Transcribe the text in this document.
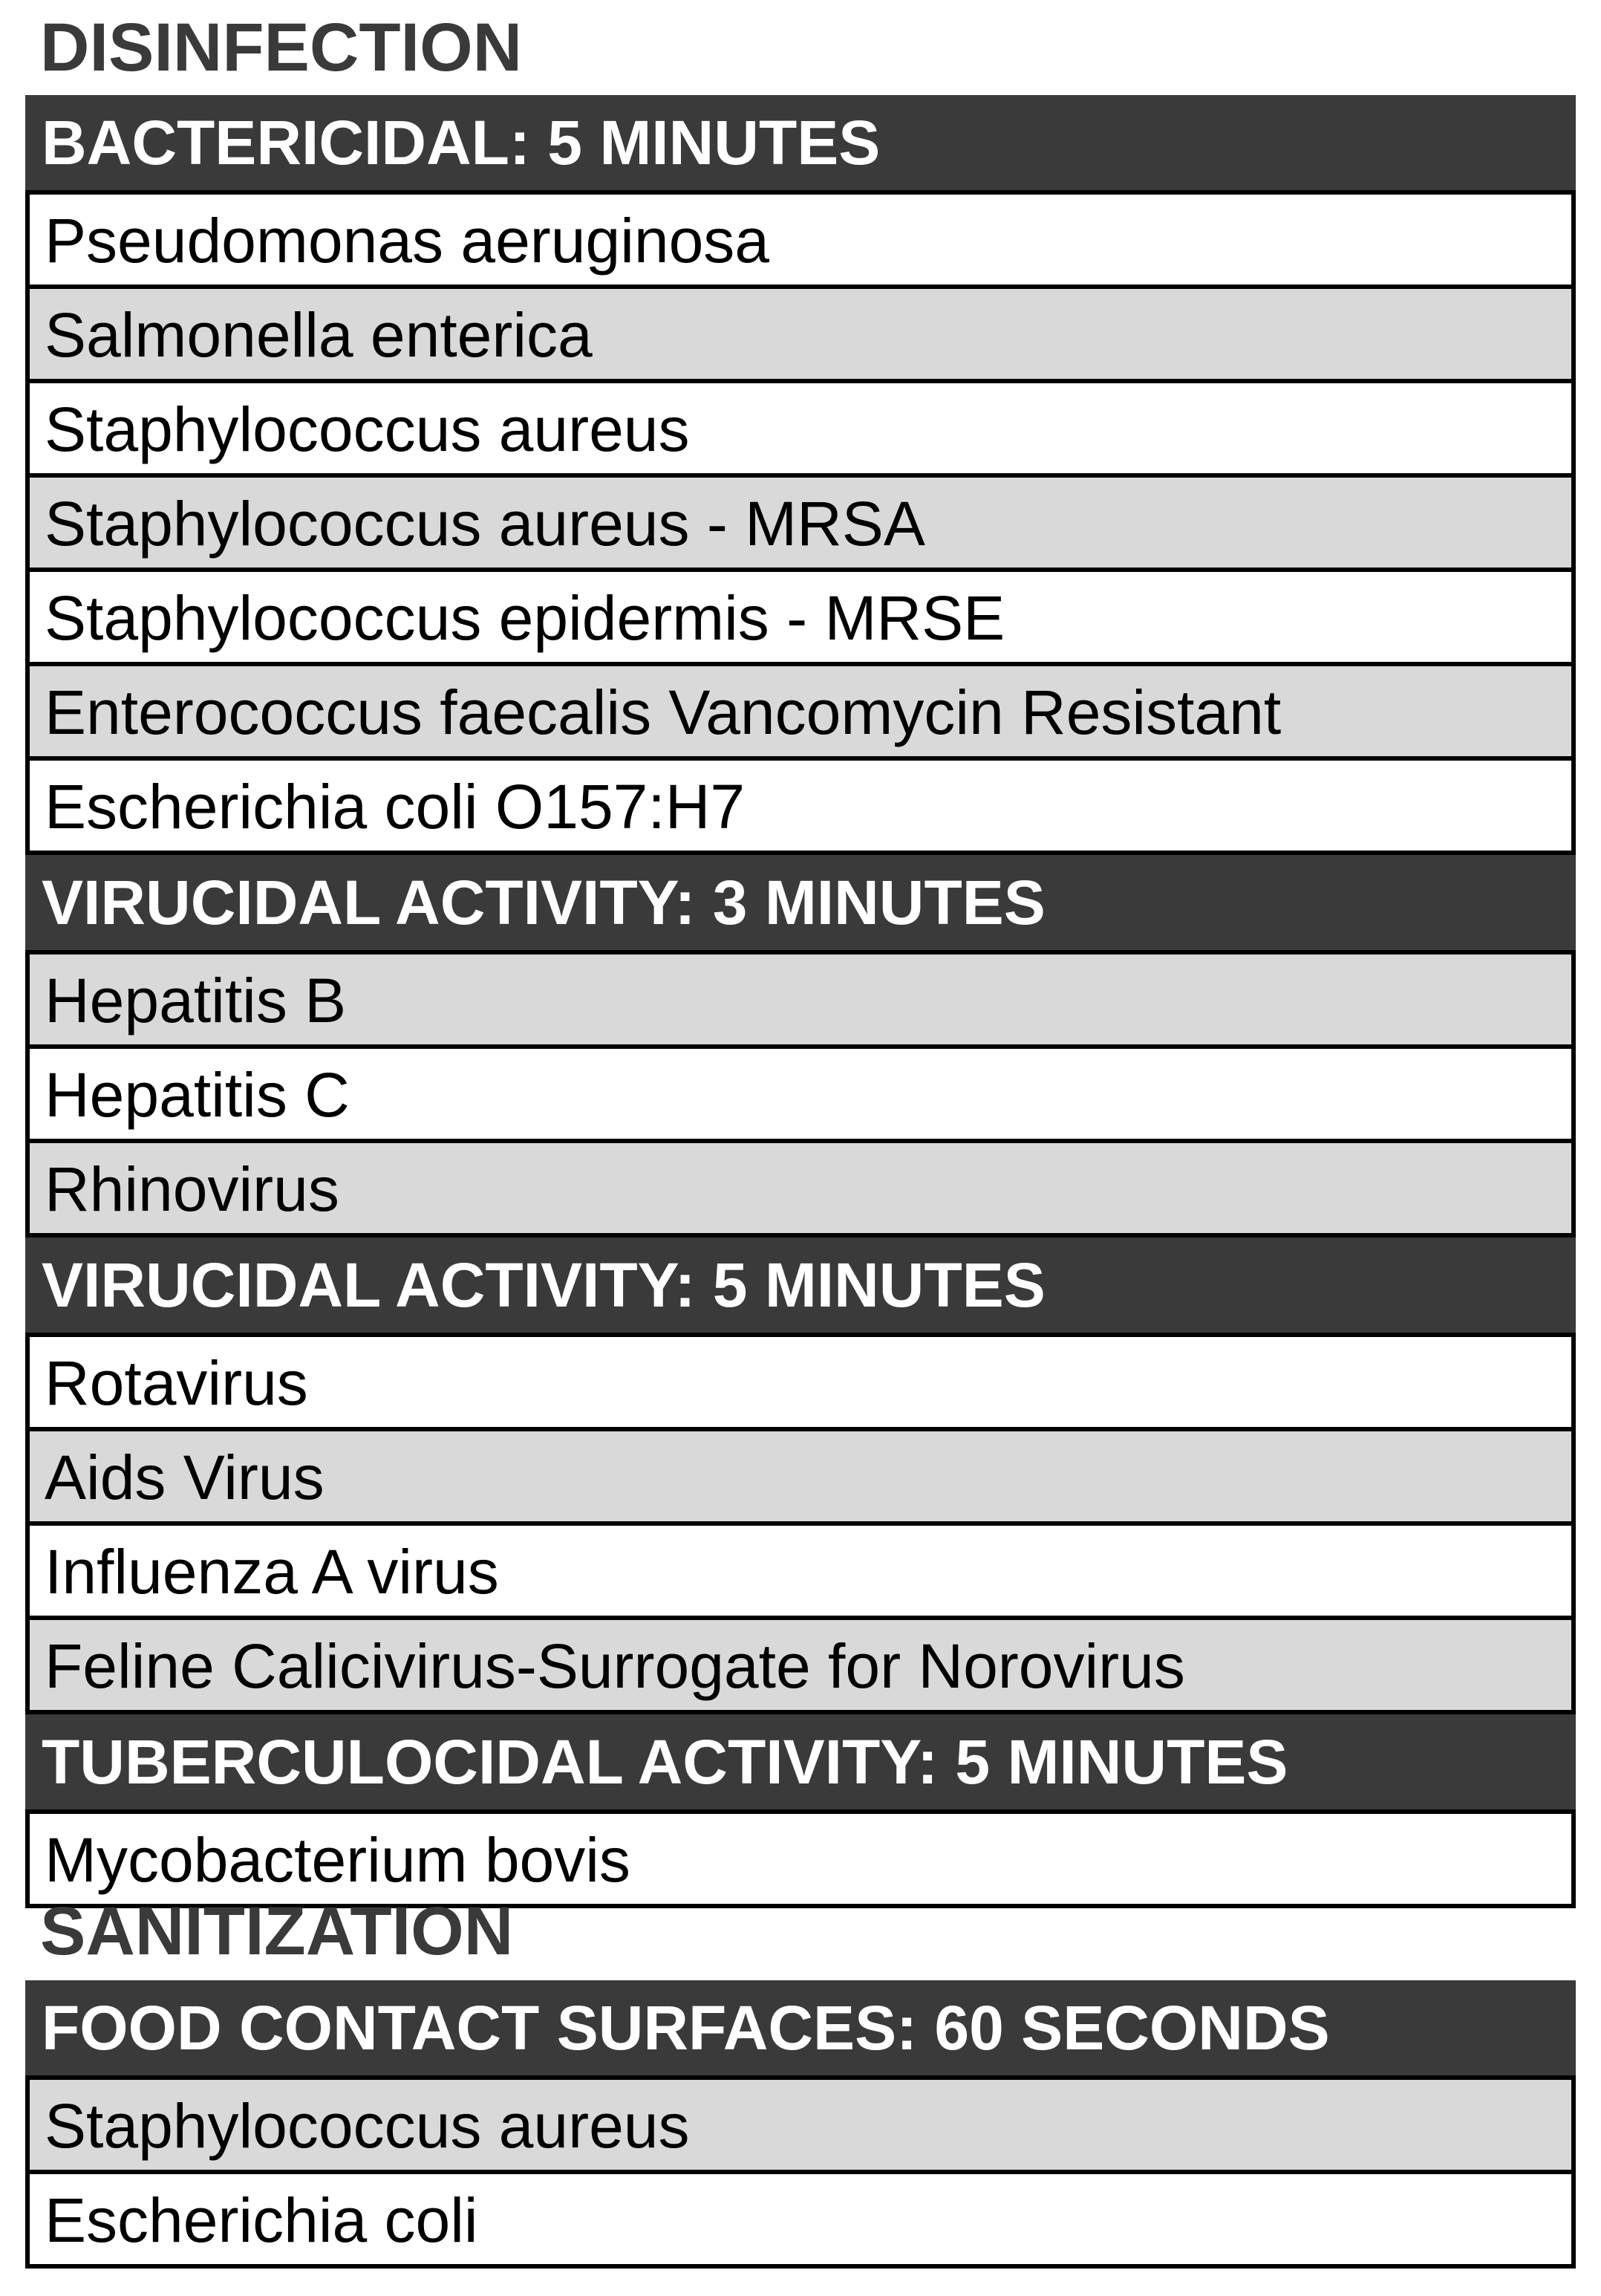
DISINFECTION
BACTERICIDAL: 5 MINUTES
Pseudomonas aeruginosa
Salmonella enterica
Staphylococcus aureus
Staphylococcus aureus - MRSA
Staphylococcus epidermis - MRSE
Enterococcus faecalis Vancomycin Resistant
Escherichia coli O157:H7
VIRUCIDAL ACTIVITY: 3 MINUTES
Hepatitis B
Hepatitis C
Rhinovirus
VIRUCIDAL ACTIVITY: 5 MINUTES
Rotavirus
Aids Virus
Influenza A virus
Feline Calicivirus-Surrogate for Norovirus
TUBERCULOCIDAL ACTIVITY: 5 MINUTES
Mycobacterium bovis
SANITIZATION
FOOD CONTACT SURFACES: 60 SECONDS
Staphylococcus aureus
Escherichia coli
